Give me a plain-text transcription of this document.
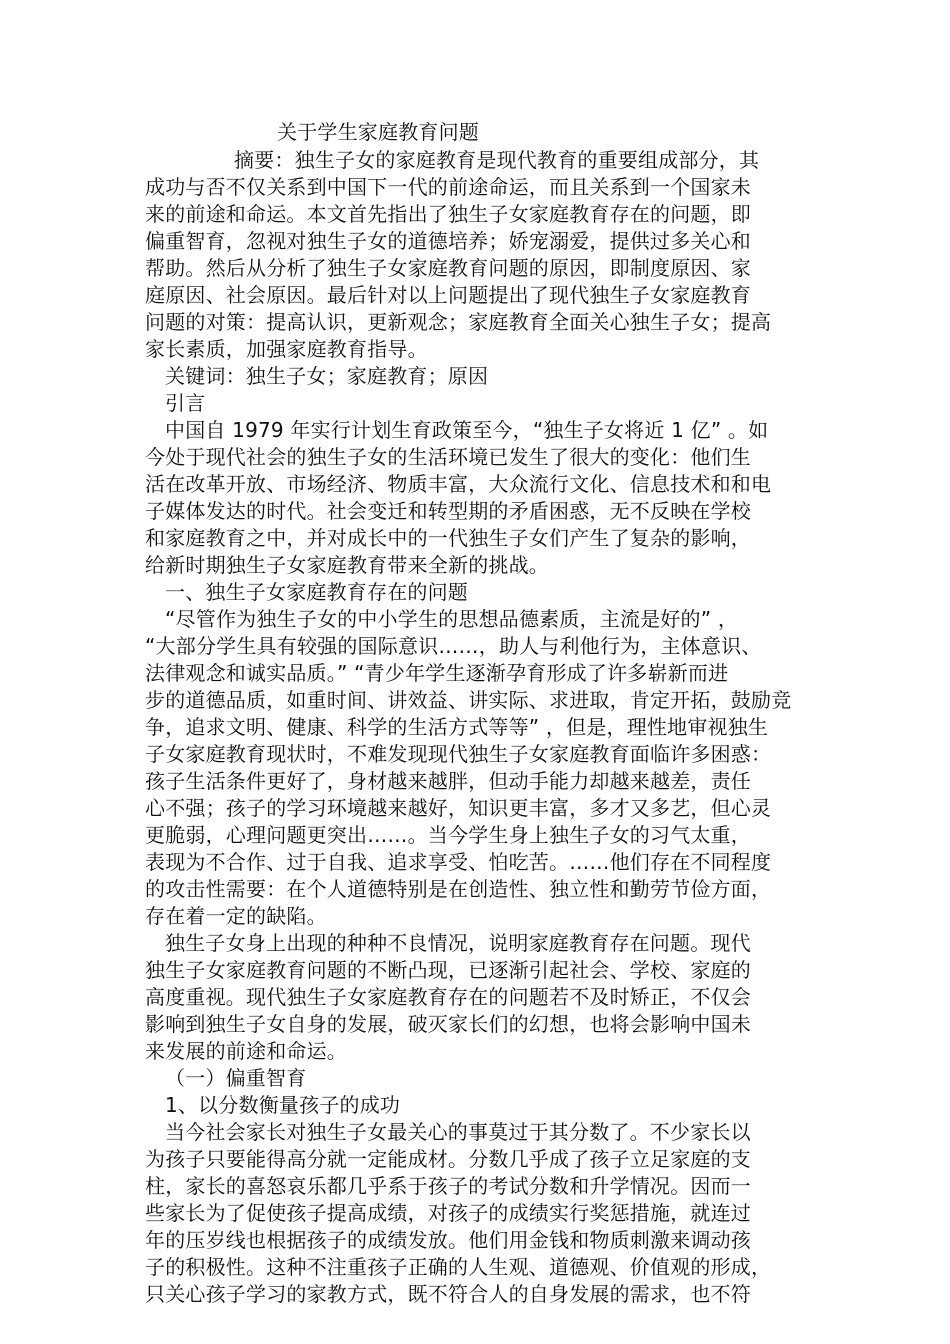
关于学生家庭教育问题
摘要：独生子女的家庭教育是现代教育的重要组成部分，其
成功与否不仅关系到中国下一代的前途命运，而且关系到一个国家未
来的前途和命运。本文首先指出了独生子女家庭教育存在的问题，即
偏重智育，忽视对独生子女的道德培养；娇宠溺爱，提供过多关心和
帮助。然后从分析了独生子女家庭教育问题的原因，即制度原因、家
庭原因、社会原因。最后针对以上问题提出了现代独生子女家庭教育
问题的对策：提高认识，更新观念；家庭教育全面关心独生子女；提高
家长素质，加强家庭教育指导。
关键词：独生子女；家庭教育；原因
引言
中国自 1979 年实行计划生育政策至今，“独生子女将近 1 亿” 。如
今处于现代社会的独生子女的生活环境已发生了很大的变化：他们生
活在改革开放、市场经济、物质丰富，大众流行文化、信息技术和和电
子媒体发达的时代。社会变迁和转型期的矛盾困惑，无不反映在学校
和家庭教育之中，并对成长中的一代独生子女们产生了复杂的影响，
给新时期独生子女家庭教育带来全新的挑战。
一、独生子女家庭教育存在的问题
“尽管作为独生子女的中小学生的思想品德素质，主流是好的” ，
“大部分学生具有较强的国际意识……，助人与利他行为，主体意识、
法律观念和诚实品质。” “青少年学生逐渐孕育形成了许多崭新而进
步的道德品质，如重时间、讲效益、讲实际、求进取，肯定开拓，鼓励竞
争，追求文明、健康、科学的生活方式等等” ，但是，理性地审视独生
子女家庭教育现状时，不难发现现代独生子女家庭教育面临许多困惑：
孩子生活条件更好了，身材越来越胖，但动手能力却越来越差，责任
心不强；孩子的学习环境越来越好，知识更丰富，多才又多艺，但心灵
更脆弱，心理问题更突出……。当今学生身上独生子女的习气太重，
表现为不合作、过于自我、追求享受、怕吃苦。……他们存在不同程度
的攻击性需要：在个人道德特别是在创造性、独立性和勤劳节俭方面，
存在着一定的缺陷。
独生子女身上出现的种种不良情况，说明家庭教育存在问题。现代
独生子女家庭教育问题的不断凸现，已逐渐引起社会、学校、家庭的
高度重视。现代独生子女家庭教育存在的问题若不及时矫正，不仅会
影响到独生子女自身的发展，破灭家长们的幻想，也将会影响中国未
来发展的前途和命运。
（一）偏重智育
1、以分数衡量孩子的成功
当今社会家长对独生子女最关心的事莫过于其分数了。不少家长以
为孩子只要能得高分就一定能成材。分数几乎成了孩子立足家庭的支
柱，家长的喜怒哀乐都几乎系于孩子的考试分数和升学情况。因而一
些家长为了促使孩子提高成绩，对孩子的成绩实行奖惩措施，就连过
年的压岁线也根据孩子的成绩发放。他们用金钱和物质刺激来调动孩
子的积极性。这种不注重孩子正确的人生观、道德观、价值观的形成，
只关心孩子学习的家教方式，既不符合人的自身发展的需求，也不符
